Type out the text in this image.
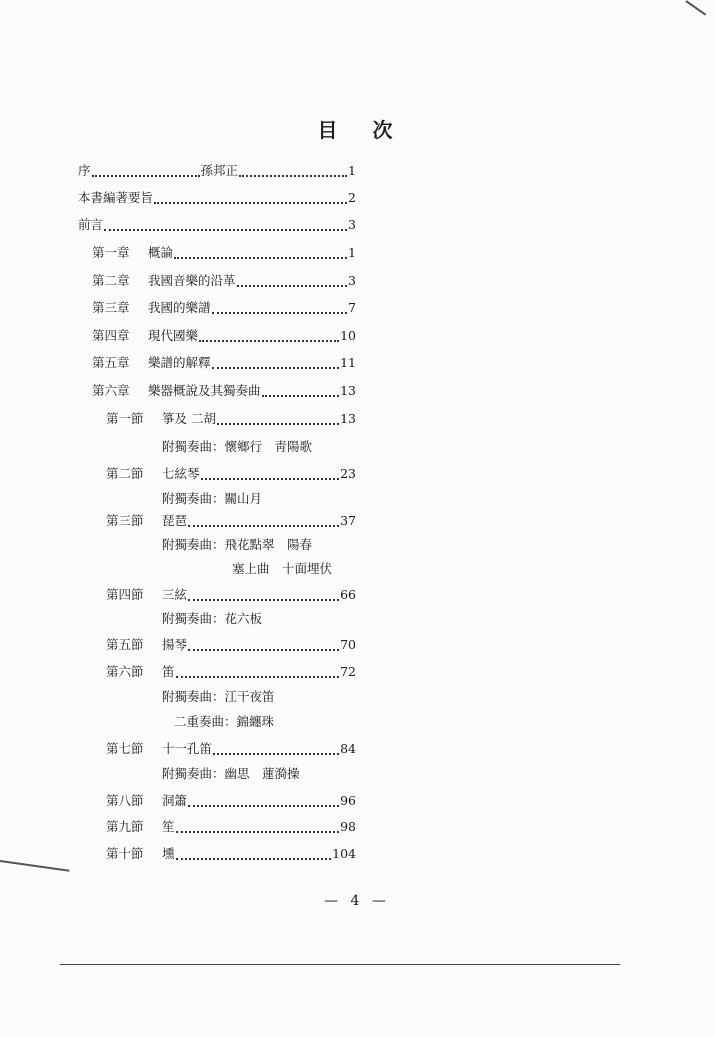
目 次
序	孫邦正	1
本書編著要旨	2
前言	3
第一章	概論	1
第二章	我國音樂的沿革	3
第三章	我國的樂譜	7
第四章	現代國樂	10
第五章	樂譜的解釋	11
第六章	樂器概說及其獨奏曲	13
第一節	箏及 二胡	13
附獨奏曲：懷鄉行　靑陽歌
第二節	七絃琴	23
附獨奏曲：關山月
第三節	琵琶	37
附獨奏曲：飛花點翠　陽春
塞上曲　十面埋伏
第四節	三絃	66
附獨奏曲：花六板
第五節	揚琴	70
第六節	笛	72
附獨奏曲：江干夜笛
二重奏曲：錦纏珠
第七節	十一孔笛	84
附獨奏曲：幽思　蓮漪操
第八節	洞簫	96
第九節	笙	98
第十節	壎	104
— 4 —
